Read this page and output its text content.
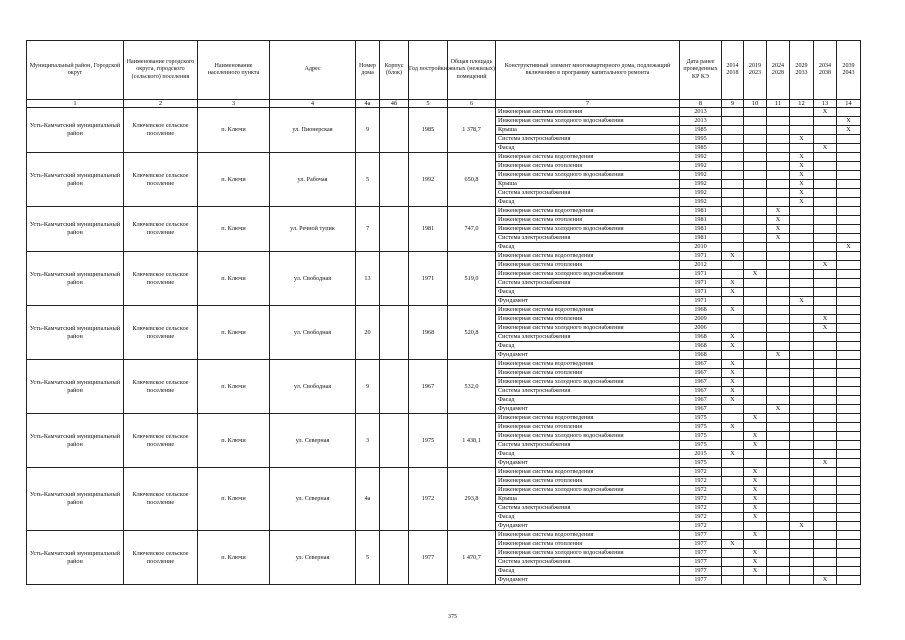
Муниципальный район, Городской округ	Наименование городского округа, городского (сельского) поселения	Наименование населенного пункта	Адрес	Номер дома	Корпус (блок)	Год постройки	Общая площадь жилых (нежилых) помещений	Конструктивный элемент многоквартирного дома, подлежащий включению в программу капитального ремонта	Дата ранее проведенных КР КЭ	2014 2018	2019 2023	2024 2028	2029 2033	2034 2038	2039 2043
1	2	3	4	4а	4б	5	6	7	8	9	10	11	12	13	14
Усть-Камчатский муниципальный район	Ключевское сельское поселение	п. Ключи	ул. Пионерская	9		1985	1 378,7	Инженерная система отопления	2013					X	
								Инженерная система холодного водоснабжения	2013						X
								Крыша	1985						X
								Система электроснабжения	1995				X		
								Фасад	1985					X	
Усть-Камчатский муниципальный район	Ключевское сельское поселение	п. Ключи	ул. Рабочая	5		1992	650,8	Инженерная система водоотведения	1992				X		
								Инженерная система отопления	1992				X		
								Инженерная система холодного водоснабжения	1992				X		
								Крыша	1992				X		
								Система электроснабжения	1992				X		
								Фасад	1992				X		
Усть-Камчатский муниципальный район	Ключевское сельское поселение	п. Ключи	ул. Речной тупик	7		1981	747,0	Инженерная система водоотведения	1981			X			
								Инженерная система отопления	1981			X			
								Инженерная система холодного водоснабжения	1981			X			
								Система электроснабжения	1981			X			
								Фасад	2010						X
Усть-Камчатский муниципальный район	Ключевское сельское поселение	п. Ключи	ул. Свободная	13		1971	519,0	Инженерная система водоотведения	1971	X					
								Инженерная система отопления	2012					X	
								Инженерная система холодного водоснабжения	1971		X				
								Система электроснабжения	1971	X					
								Фасад	1971	X					
								Фундамент	1971				X		
Усть-Камчатский муниципальный район	Ключевское сельское поселение	п. Ключи	ул. Свободная	20		1968	520,8	Инженерная система водоотведения	1968	X					
								Инженерная система отопления	2009					X	
								Инженерная система холодного водоснабжения	2006					X	
								Система электроснабжения	1968	X					
								Фасад	1968	X					
								Фундамент	1968			X			
Усть-Камчатский муниципальный район	Ключевское сельское поселение	п. Ключи	ул. Свободная	9		1967	532,0	Инженерная система водоотведения	1967	X					
								Инженерная система отопления	1967	X					
								Инженерная система холодного водоснабжения	1967	X					
								Система электроснабжения	1967	X					
								Фасад	1967	X					
								Фундамент	1967			X			
Усть-Камчатский муниципальный район	Ключевское сельское поселение	п. Ключи	ул. Северная	3		1975	1 438,1	Инженерная система водоотведения	1975		X				
								Инженерная система отопления	1975	X					
								Инженерная система холодного водоснабжения	1975		X				
								Система электроснабжения	1975		X				
								Фасад	2015	X					
								Фундамент	1975					X	
Усть-Камчатский муниципальный район	Ключевское сельское поселение	п. Ключи	ул. Северная	4а		1972	293,8	Инженерная система водоотведения	1972		X				
								Инженерная система отопления	1972		X				
								Инженерная система холодного водоснабжения	1972		X				
								Крыша	1972		X				
								Система электроснабжения	1972		X				
								Фасад	1972		X				
								Фундамент	1972				X		
Усть-Камчатский муниципальный район	Ключевское сельское поселение	п. Ключи	ул. Северная	5		1977	1 470,7	Инженерная система водоотведения	1977		X				
								Инженерная система отопления	1977	X					
								Инженерная система холодного водоснабжения	1977		X				
								Система электроснабжения	1977		X				
								Фасад	1977		X				
								Фундамент	1977					X	
375
